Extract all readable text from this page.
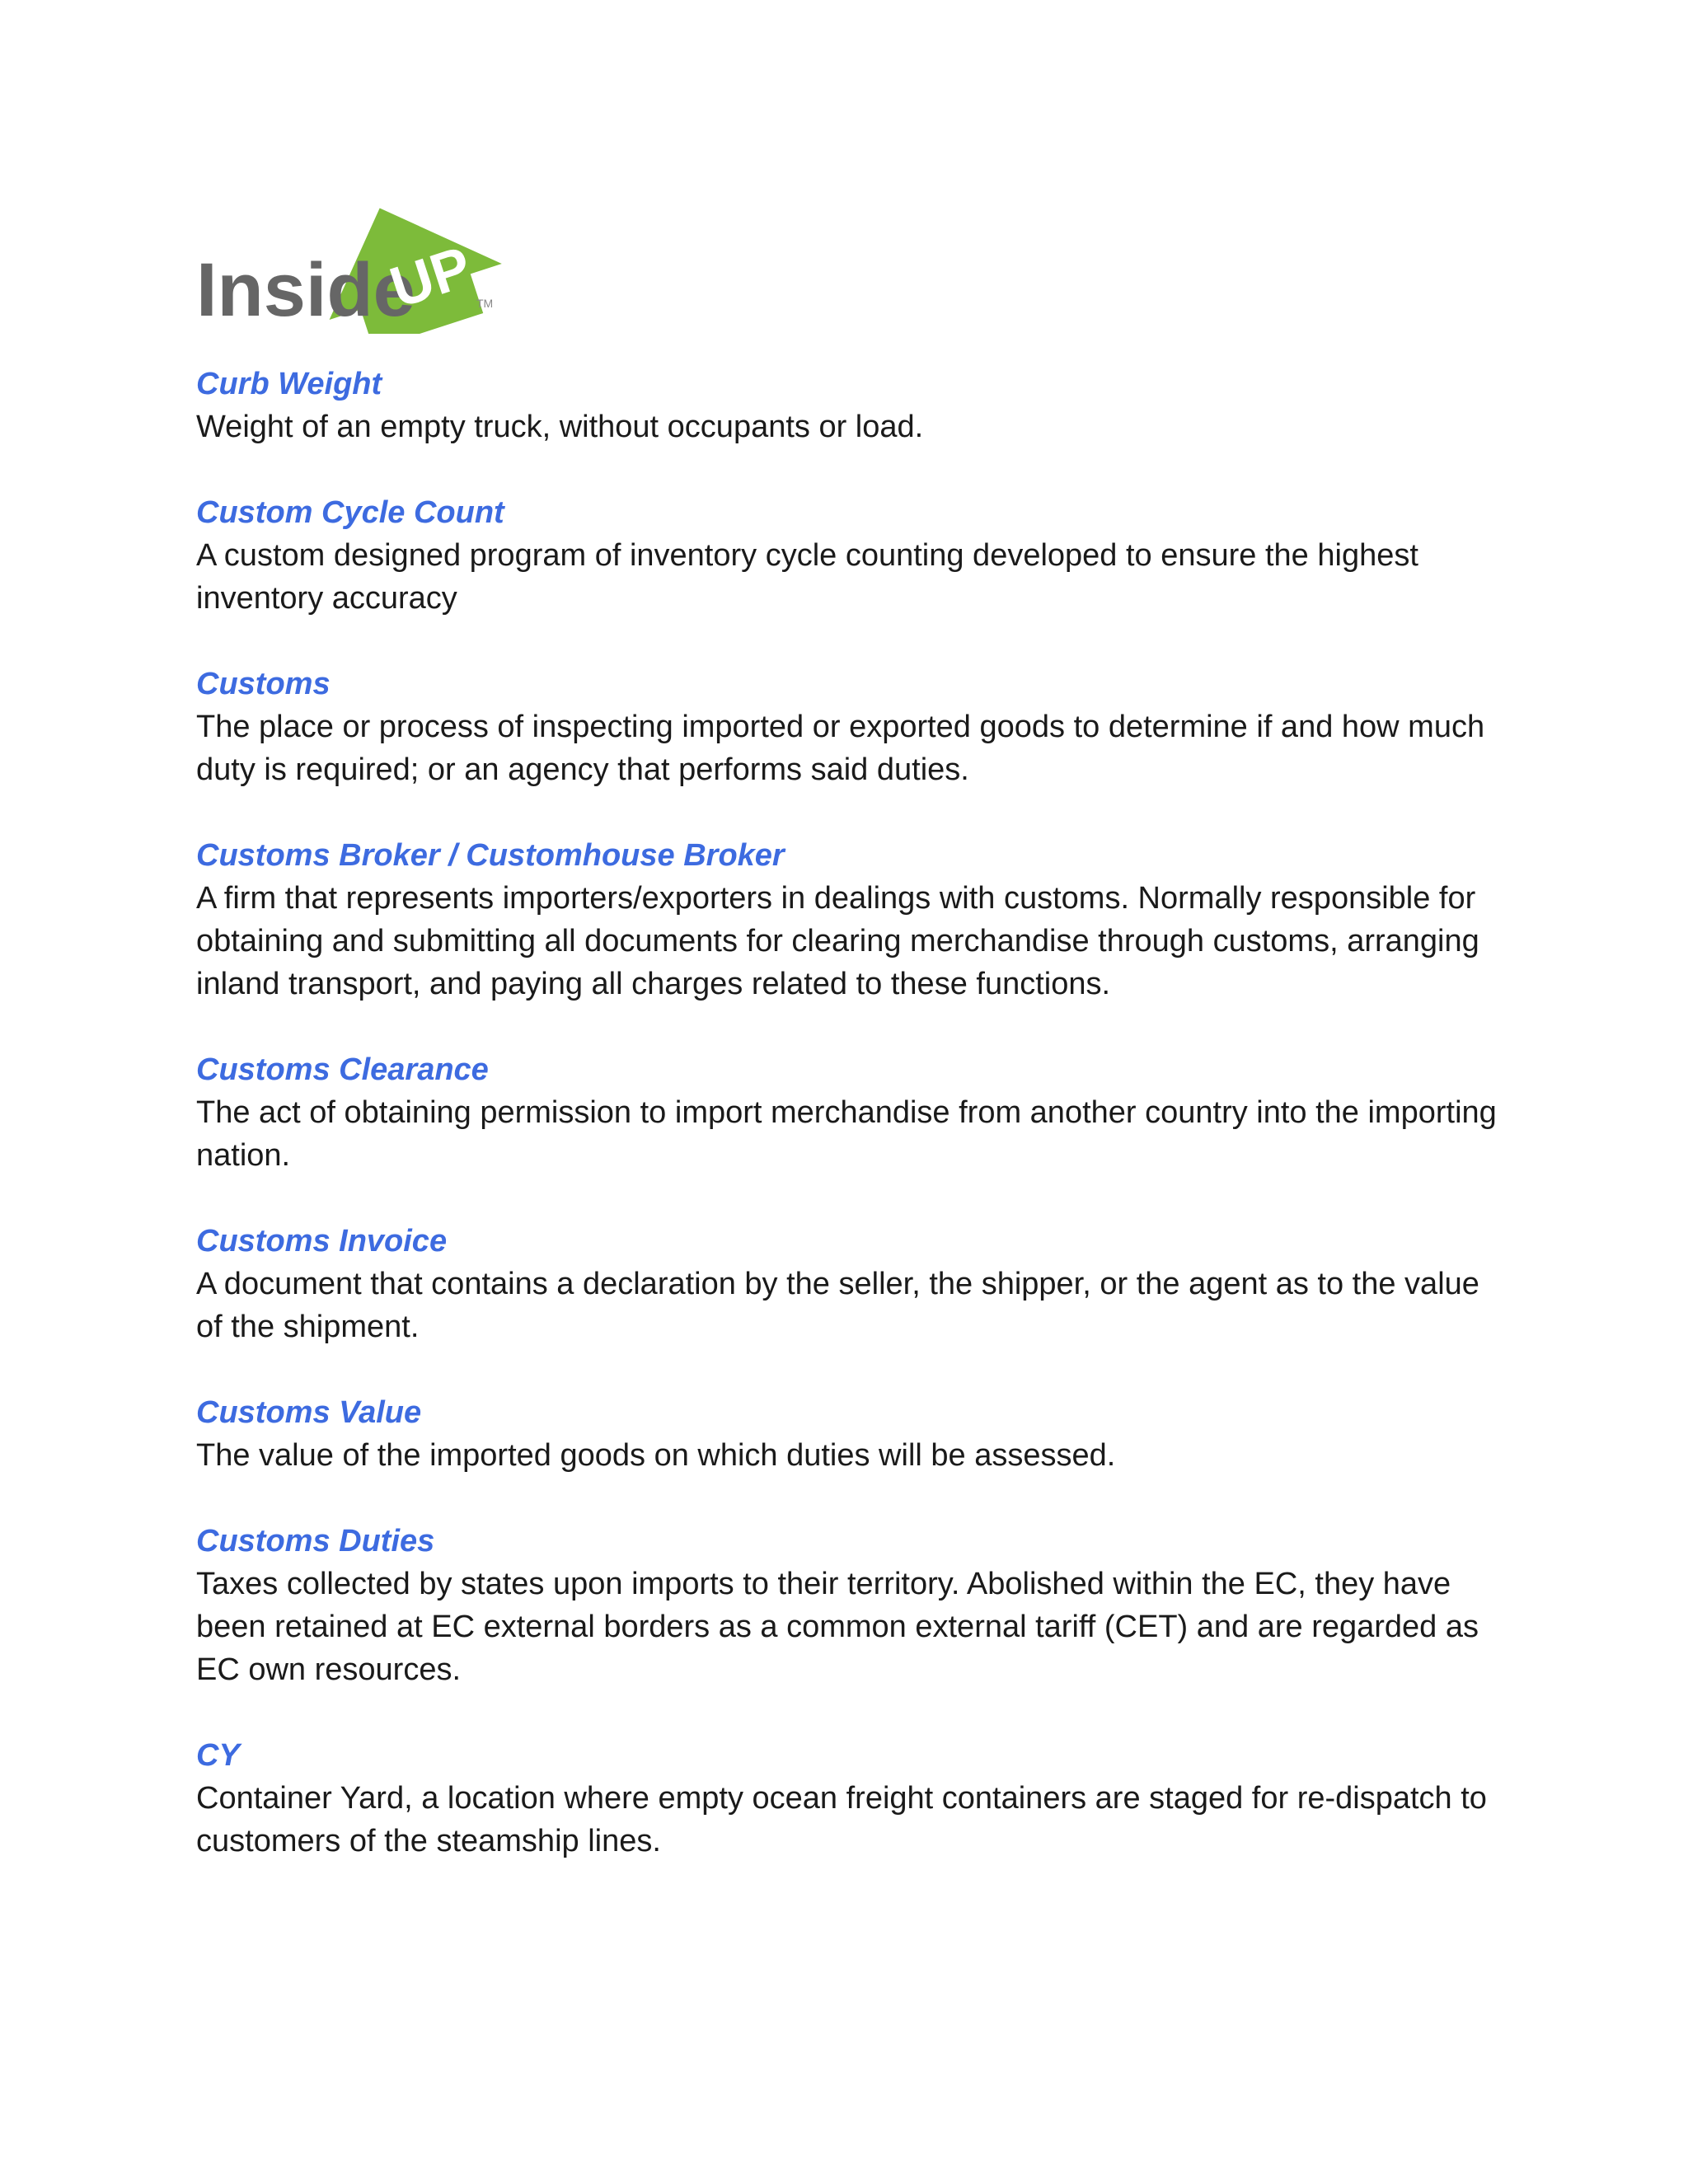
Inside
UP
TM

Curb Weight

Weight of an empty truck, without occupants or load.

Custom Cycle Count

A custom designed program of inventory cycle counting developed to ensure the highest inventory accuracy

Customs

The place or process of inspecting imported or exported goods to determine if and how much duty is required; or an agency that performs said duties.

Customs Broker / Customhouse Broker

A firm that represents importers/exporters in dealings with customs. Normally responsible for obtaining and submitting all documents for clearing merchandise through customs, arranging inland transport, and paying all charges related to these functions.

Customs Clearance

The act of obtaining permission to import merchandise from another country into the importing nation.

Customs Invoice

A document that contains a declaration by the seller, the shipper, or the agent as to the value of the shipment.

Customs Value

The value of the imported goods on which duties will be assessed.

Customs Duties

Taxes collected by states upon imports to their territory. Abolished within the EC, they have been retained at EC external borders as a common external tariff (CET) and are regarded as EC own resources.

CY

Container Yard, a location where empty ocean freight containers are staged for re-dispatch to customers of the steamship lines.
